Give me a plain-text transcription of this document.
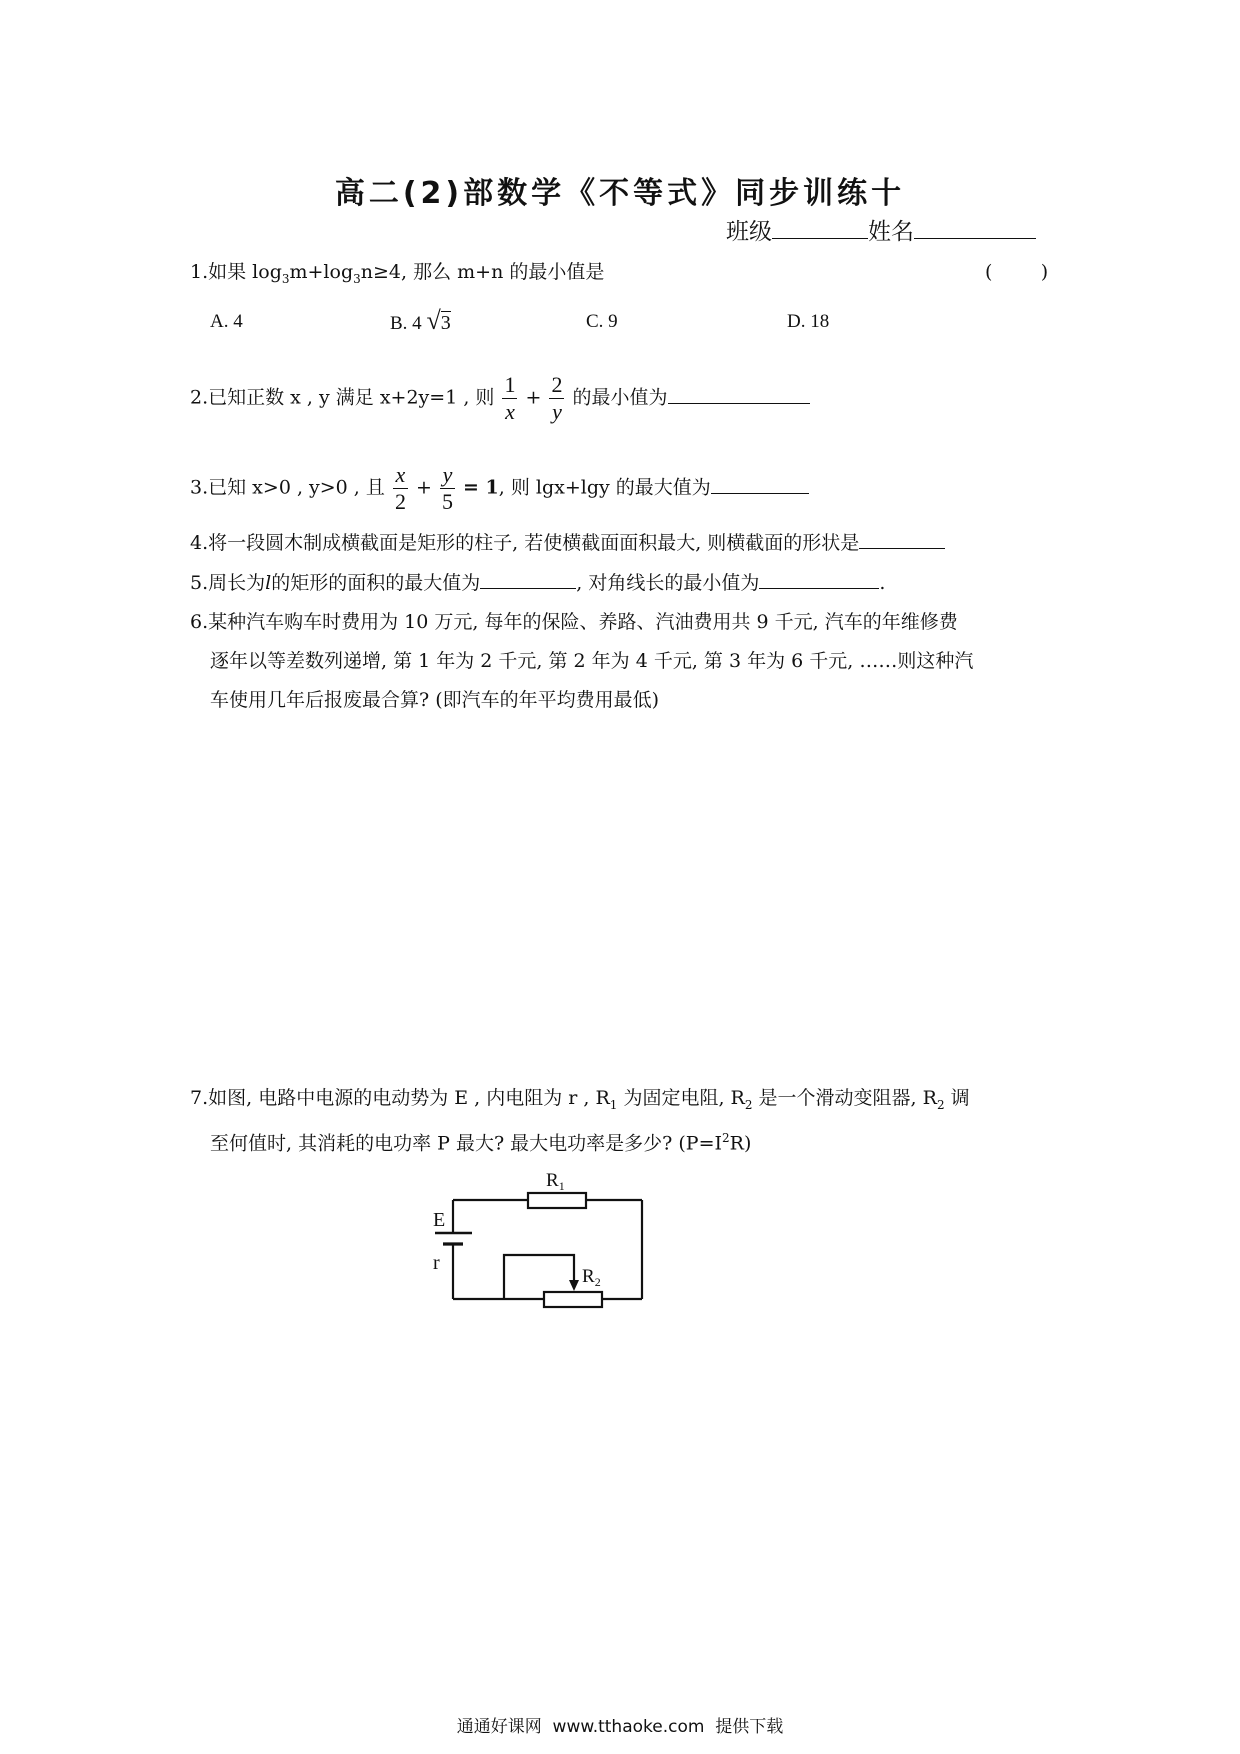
高二(2)部数学《不等式》同步训练十
班级	姓名
1.如果 $\log_3m+\log_3n\ge 4$, 那么 m+n 的最小值是	(        )
A. 4	B. 4 √3	C. 9	D. 18
2.已知正数 x , y 满足 x+2y=1 , 则 $\frac{1}{x} + \frac{2}{y}$ 的最小值为
3.已知 x>0 , y>0 , 且 $\frac{x}{2} + \frac{y}{5} = 1$, 则 lgx+lgy 的最大值为
4.将一段圆木制成横截面是矩形的柱子, 若使横截面面积最大, 则横截面的形状是
5.周长为l的矩形的面积的最大值为	, 对角线长的最小值为	.
6.某种汽车购车时费用为 10 万元, 每年的保险、养路、汽油费用共 9 千元, 汽车的年维修费
逐年以等差数列递增, 第 1 年为 2 千元, 第 2 年为 4 千元, 第 3 年为 6 千元, ……则这种汽
车使用几年后报废最合算? (即汽车的年平均费用最低)
7.如图, 电路中电源的电动势为 E , 内电阻为 r , $R_1$ 为固定电阻, $R_2$ 是一个滑动变阻器, $R_2$ 调
至何值时, 其消耗的电功率 P 最大? 最大电功率是多少? $(P=I^2R)$
$R_1$
$R_2$
E
r
通通好课网  www.tthaoke.com  提供下载
